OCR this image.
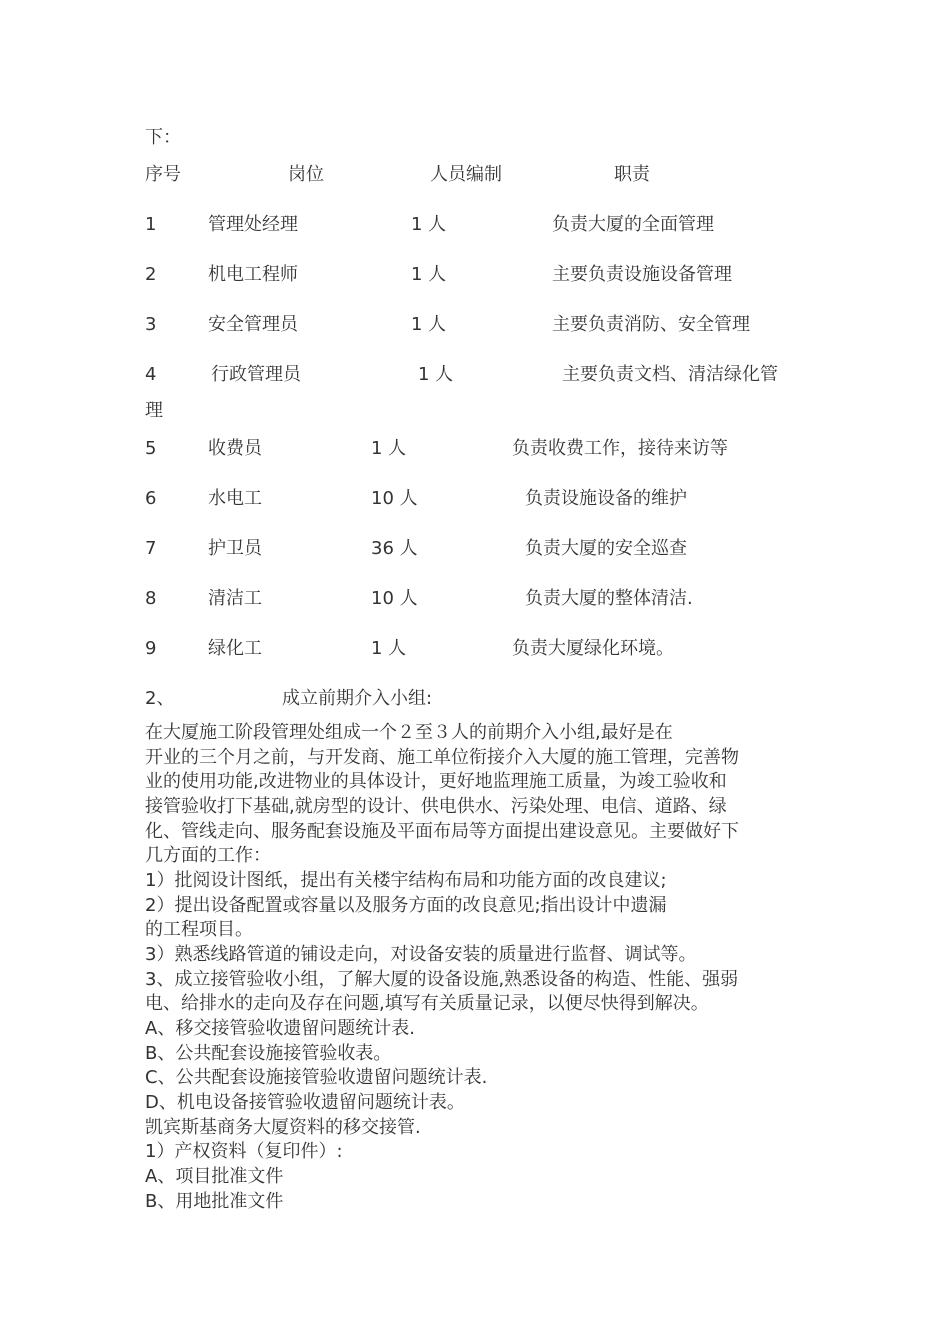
下：
序号	岗位	人员编制	职责
1	管理处经理	1 人	负责大厦的全面管理
2	机电工程师	1 人	主要负责设施设备管理
3	安全管理员	1 人	主要负责消防、安全管理
4	行政管理员	1 人	主要负责文档、清洁绿化管
理
5	收费员	1 人	负责收费工作，接待来访等
6	水电工	10 人	负责设施设备的维护
7	护卫员	36 人	负责大厦的安全巡查
8	清洁工	10 人	负责大厦的整体清洁.
9	绿化工	1 人	负责大厦绿化环境。
2、	成立前期介入小组:
在大厦施工阶段管理处组成一个２至３人的前期介入小组,最好是在
开业的三个月之前，与开发商、施工单位衔接介入大厦的施工管理，完善物
业的使用功能,改进物业的具体设计，更好地监理施工质量，为竣工验收和
接管验收打下基础,就房型的设计、供电供水、污染处理、电信、道路、绿
化、管线走向、服务配套设施及平面布局等方面提出建设意见。主要做好下
几方面的工作：
1）批阅设计图纸，提出有关楼宇结构布局和功能方面的改良建议;
2）提出设备配置或容量以及服务方面的改良意见;指出设计中遗漏
的工程项目。
3）熟悉线路管道的铺设走向，对设备安装的质量进行监督、调试等。
3、成立接管验收小组，了解大厦的设备设施,熟悉设备的构造、性能、强弱
电、给排水的走向及存在问题,填写有关质量记录，以便尽快得到解决。
A、移交接管验收遗留问题统计表.
B、公共配套设施接管验收表。
C、公共配套设施接管验收遗留问题统计表.
D、机电设备接管验收遗留问题统计表。
凯宾斯基商务大厦资料的移交接管.
1）产权资料（复印件）:
A、项目批准文件
B、用地批准文件
